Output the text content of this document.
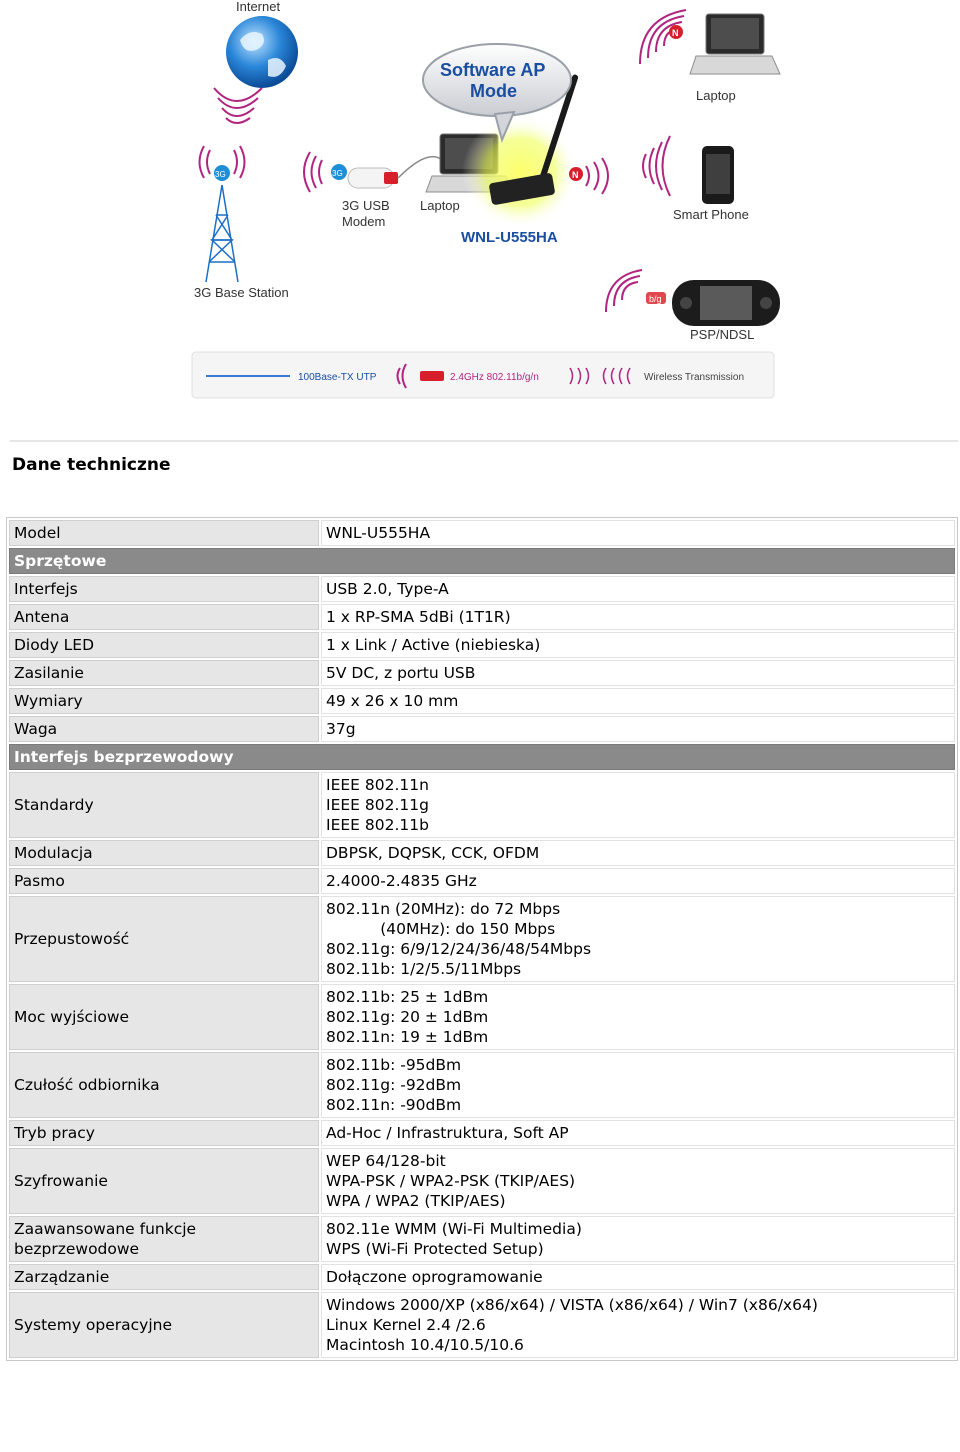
Internet
3G
3G Base Station
3G
3G USB
Modem
Laptop
WNL-U555HA
Software AP
Mode	Laptop
N
Smart Phone
N
PSP/NDSL
b/g
100Base-TX UTP	2.4GHz 802.11b/g/n	Wireless Transmission
Dane techniczne
Model	WNL-U555HA

Sprzętowe	
Interfejs	USB 2.0, Type-A

Antena	1 x RP-SMA 5dBi (1T1R)

Diody LED	1 x Link / Active (niebieska)

Zasilanie	5V DC, z portu USB

Wymiary	49 x 26 x 10 mm

Waga	37g

Interfejs bezprzewodowy	
Standardy	IEEE 802.11n
IEEE 802.11g
IEEE 802.11b

Modulacja	DBPSK, DQPSK, CCK, OFDM

Pasmo	2.4000-2.4835 GHz

Przepustowość	802.11n (20MHz): do 72 Mbps
(40MHz): do 150 Mbps
802.11g: 6/9/12/24/36/48/54Mbps
802.11b: 1/2/5.5/11Mbps

Moc wyjściowe	802.11b: 25 ± 1dBm
802.11g: 20 ± 1dBm
802.11n: 19 ± 1dBm

Czułość odbiornika	802.11b: -95dBm
802.11g: -92dBm
802.11n: -90dBm

Tryb pracy	Ad-Hoc / Infrastruktura, Soft AP

Szyfrowanie	WEP 64/128-bit
WPA-PSK / WPA2-PSK (TKIP/AES)
WPA / WPA2 (TKIP/AES)

Zaawansowane funkcje bezprzewodowe	802.11e WMM (Wi-Fi Multimedia)
WPS (Wi-Fi Protected Setup)

Zarządzanie	Dołączone oprogramowanie

Systemy operacyjne	Windows 2000/XP (x86/x64) / VISTA (x86/x64) / Win7 (x86/x64)
Linux Kernel 2.4 /2.6
Macintosh 10.4/10.5/10.6
